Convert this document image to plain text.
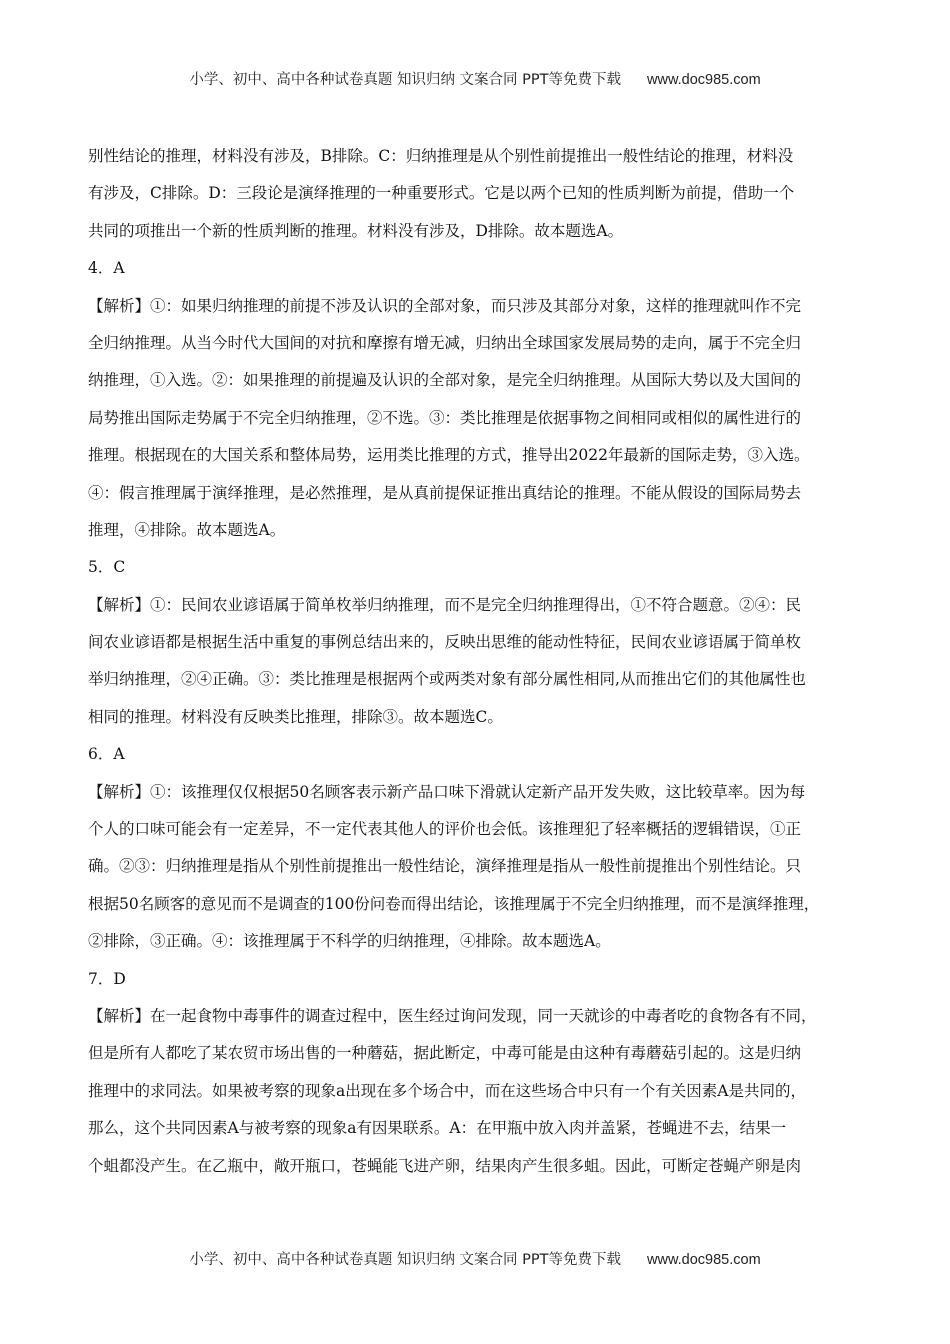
小学、初中、高中各种试卷真题 知识归纳 文案合同 PPT等免费下载 www.doc985.com
别性结论的推理，材料没有涉及，B排除。C：归纳推理是从个别性前提推出一般性结论的推理，材料没
有涉及，C排除。D：三段论是演绎推理的一种重要形式。它是以两个已知的性质判断为前提，借助一个
共同的项推出一个新的性质判断的推理。材料没有涉及，D排除。故本题选A。
4．A
【解析】①：如果归纳推理的前提不涉及认识的全部对象，而只涉及其部分对象，这样的推理就叫作不完
全归纳推理。从当今时代大国间的对抗和摩擦有增无减，归纳出全球国家发展局势的走向，属于不完全归
纳推理，①入选。②：如果推理的前提遍及认识的全部对象，是完全归纳推理。从国际大势以及大国间的
局势推出国际走势属于不完全归纳推理，②不选。③：类比推理是依据事物之间相同或相似的属性进行的
推理。根据现在的大国关系和整体局势，运用类比推理的方式，推导出2022年最新的国际走势，③入选。
④：假言推理属于演绎推理，是必然推理，是从真前提保证推出真结论的推理。不能从假设的国际局势去
推理，④排除。故本题选A。
5．C
【解析】①：民间农业谚语属于简单枚举归纳推理，而不是完全归纳推理得出，①不符合题意。②④：民
间农业谚语都是根据生活中重复的事例总结出来的，反映出思维的能动性特征，民间农业谚语属于简单枚
举归纳推理，②④正确。③：类比推理是根据两个或两类对象有部分属性相同,从而推出它们的其他属性也
相同的推理。材料没有反映类比推理，排除③。故本题选C。
6．A
【解析】①：该推理仅仅根据50名顾客表示新产品口味下滑就认定新产品开发失败，这比较草率。因为每
个人的口味可能会有一定差异，不一定代表其他人的评价也会低。该推理犯了轻率概括的逻辑错误，①正
确。②③：归纳推理是指从个别性前提推出一般性结论，演绎推理是指从一般性前提推出个别性结论。只
根据50名顾客的意见而不是调查的100份问卷而得出结论，该推理属于不完全归纳推理，而不是演绎推理，
②排除，③正确。④：该推理属于不科学的归纳推理，④排除。故本题选A。
7．D
【解析】在一起食物中毒事件的调查过程中，医生经过询问发现，同一天就诊的中毒者吃的食物各有不同，
但是所有人都吃了某农贸市场出售的一种蘑菇，据此断定，中毒可能是由这种有毒蘑菇引起的。这是归纳
推理中的求同法。如果被考察的现象a出现在多个场合中，而在这些场合中只有一个有关因素A是共同的，
那么，这个共同因素A与被考察的现象a有因果联系。A：在甲瓶中放入肉并盖紧，苍蝇进不去，结果一
个蛆都没产生。在乙瓶中，敞开瓶口，苍蝇能飞进产卵，结果肉产生很多蛆。因此，可断定苍蝇产卵是肉
小学、初中、高中各种试卷真题 知识归纳 文案合同 PPT等免费下载 www.doc985.com
